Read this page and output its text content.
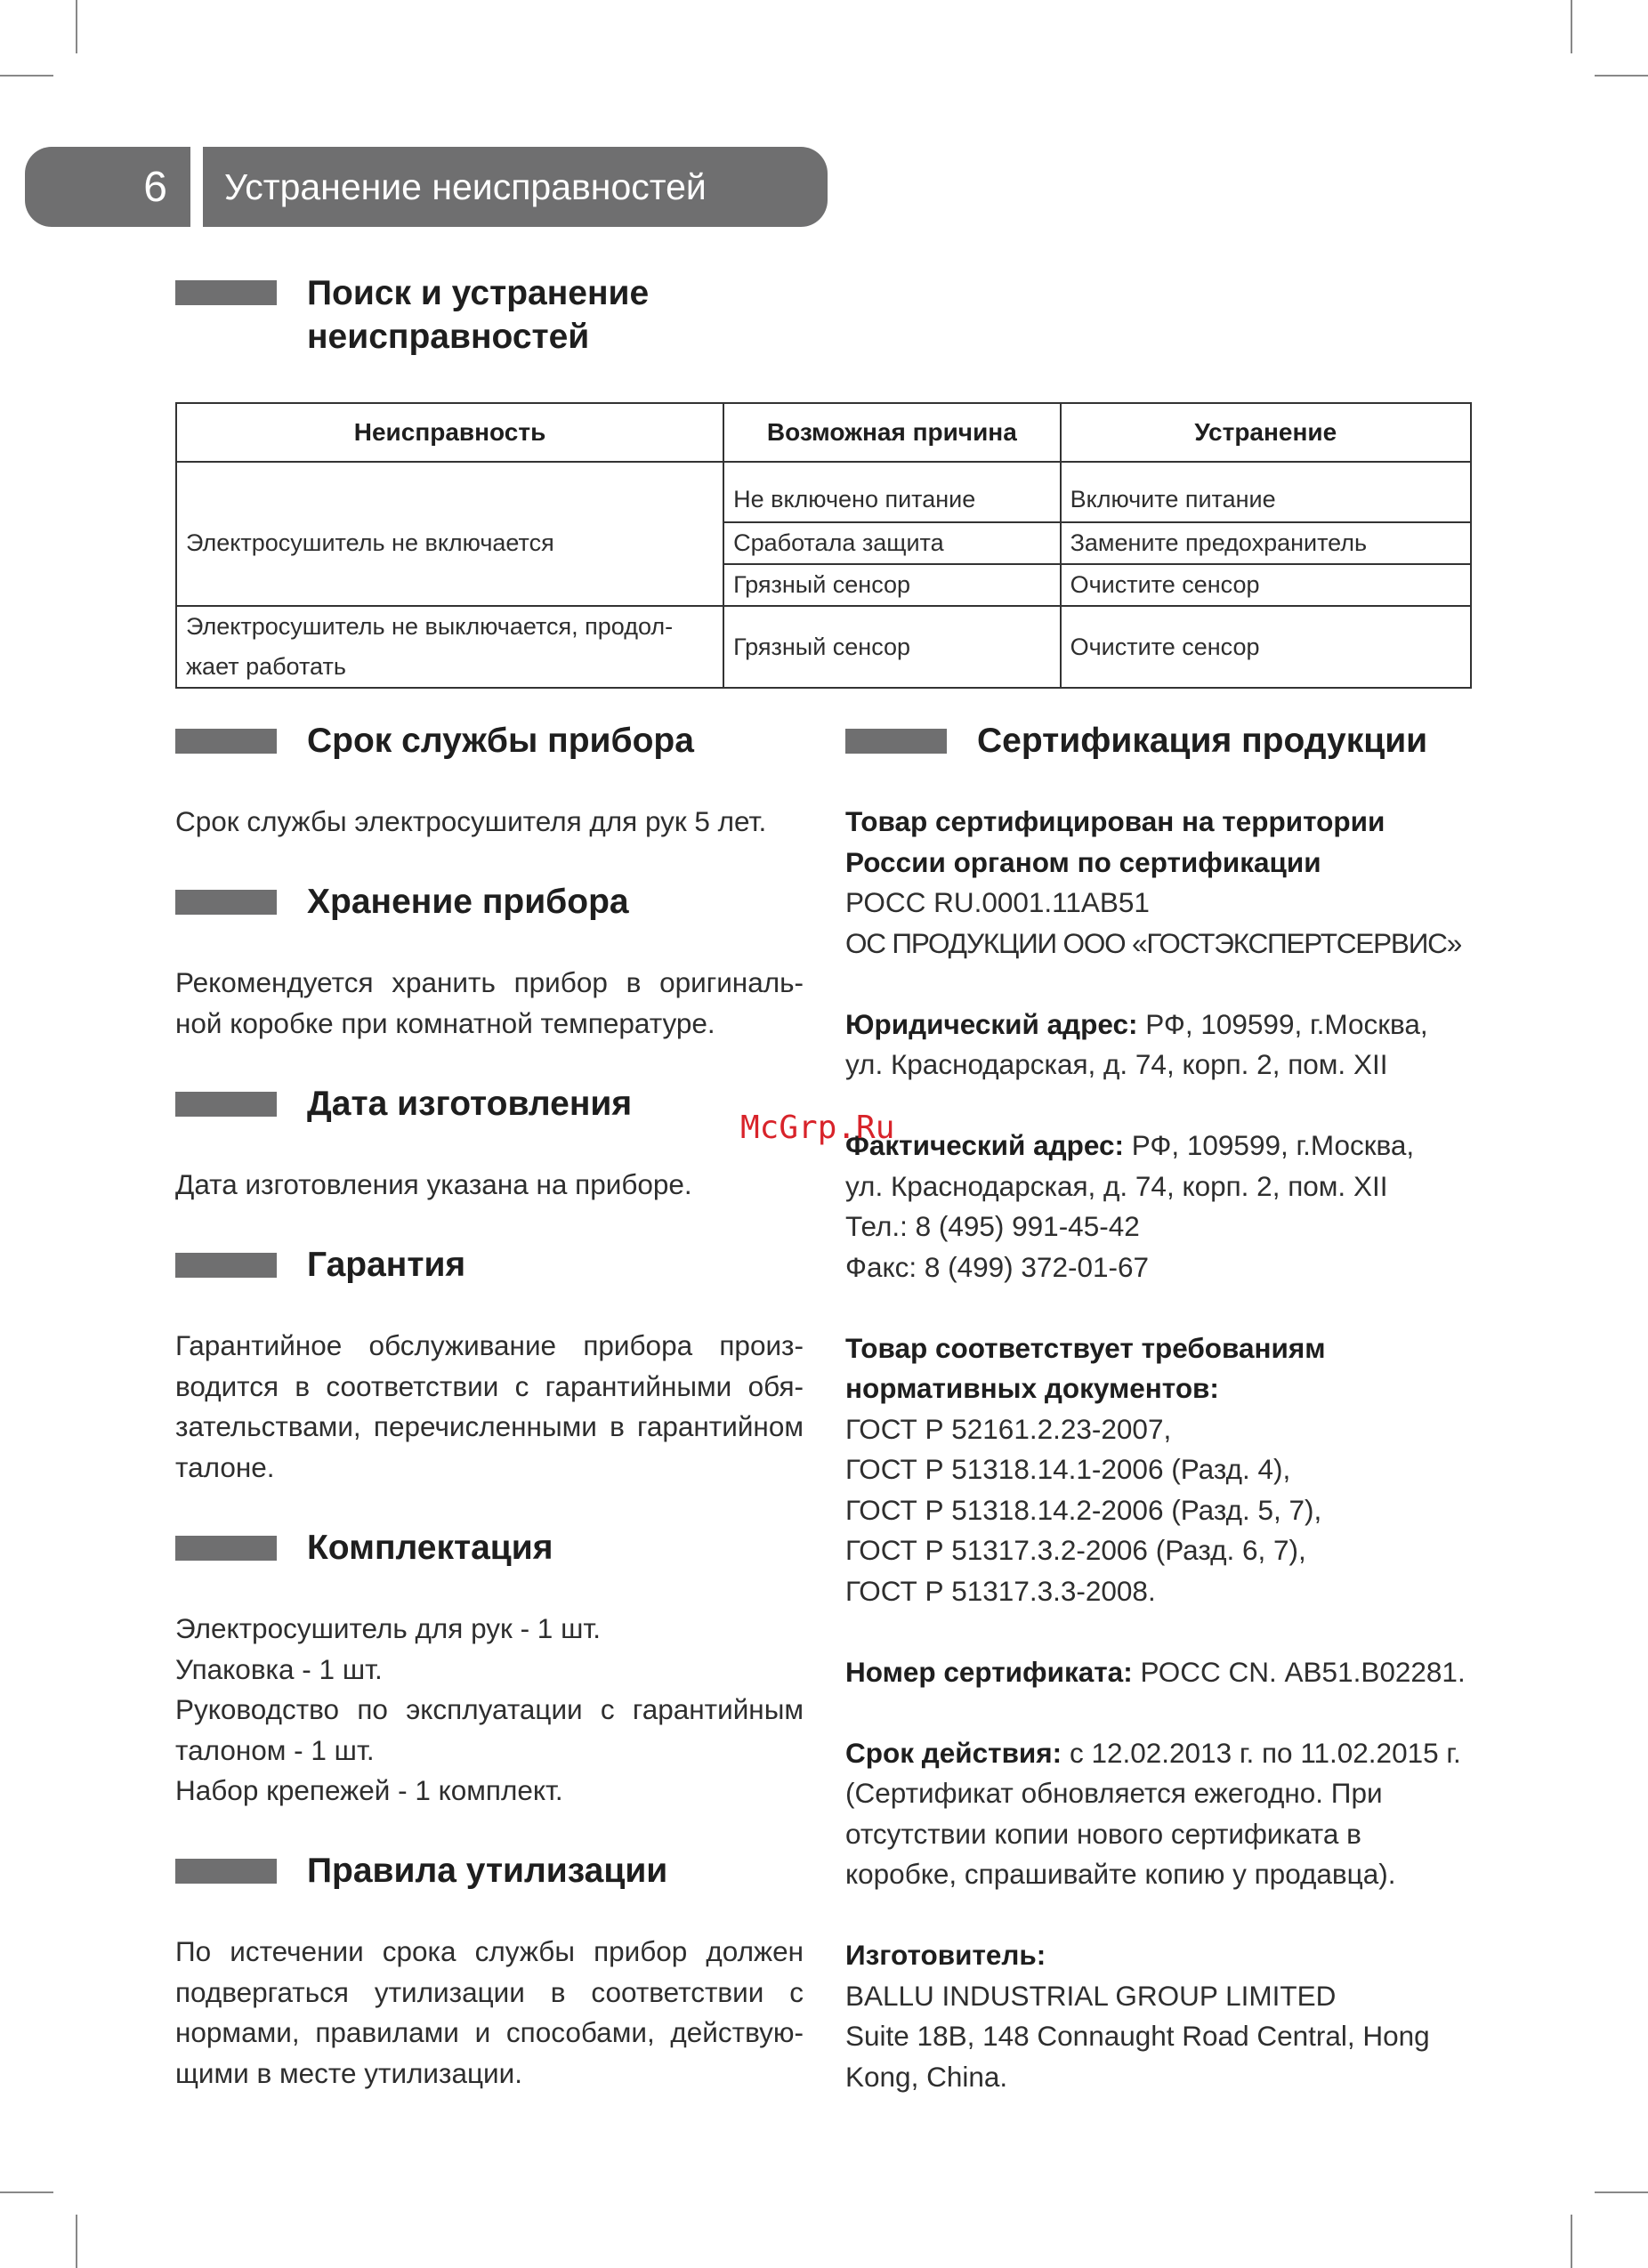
6	Устранение неисправностей
Поиск и устранение
неисправностей
Неисправность	Возможная причина	Устранение
Электросушитель не включается	Не включено питание	Включите питание
	Сработала защита	Замените предохранитель
	Грязный сенсор	Очистите сенсор

Электросушитель не выключается, продол-
жает работать	Грязный сенсор	Очистите сенсор
Срок службы прибора
Срок службы электросушителя для рук 5 лет.
Хранение прибора
Рекомендуется хранить прибор в оригиналь-
ной коробке при комнатной температуре.
Дата изготовления
Дата изготовления указана на приборе.
Гарантия
Гарантийное обслуживание прибора произ-
водится в соответствии с гарантийными обя-
зательствами, перечисленными в гарантийном
талоне.
Комплектация
Электросушитель для рук - 1 шт.
Упаковка - 1 шт.
Руководство по эксплуатации с гарантийным
талоном - 1 шт.
Набор крепежей - 1 комплект.
Правила утилизации
По истечении срока службы прибор должен
подвергаться утилизации в соответствии с
нормами, правилами и способами, действую-
щими в месте утилизации.
Сертификация продукции
Товар сертифицирован на территории
России органом по сертификации
РОСС RU.0001.11АВ51
ОС ПРОДУКЦИИ ООО «ГОСТЭКСПЕРТСЕРВИС»

Юридический адрес: РФ, 109599, г.Москва,
ул. Краснодарская, д. 74, корп. 2, пом. XII

Фактический адрес: РФ, 109599, г.Москва,
ул. Краснодарская, д. 74, корп. 2, пом. XII
Тел.: 8 (495) 991-45-42
Факс: 8 (499) 372-01-67

Товар соответствует требованиям
нормативных документов:
ГОСТ Р 52161.2.23-2007,
ГОСТ Р 51318.14.1-2006 (Разд. 4),
ГОСТ Р 51318.14.2-2006 (Разд. 5, 7),
ГОСТ Р 51317.3.2-2006 (Разд. 6, 7),
ГОСТ Р 51317.3.3-2008.

Номер сертификата: РОСС CN. АВ51.В02281.

Срок действия: с 12.02.2013 г. по 11.02.2015 г.
(Сертификат обновляется ежегодно. При
отсутствии копии нового сертификата в
коробке, спрашивайте копию у продавца).

Изготовитель:
BALLU INDUSTRIAL GROUP LIMITED
Suite 18B, 148 Connaught Road Central, Hong
Kong, China.
McGrp.Ru
